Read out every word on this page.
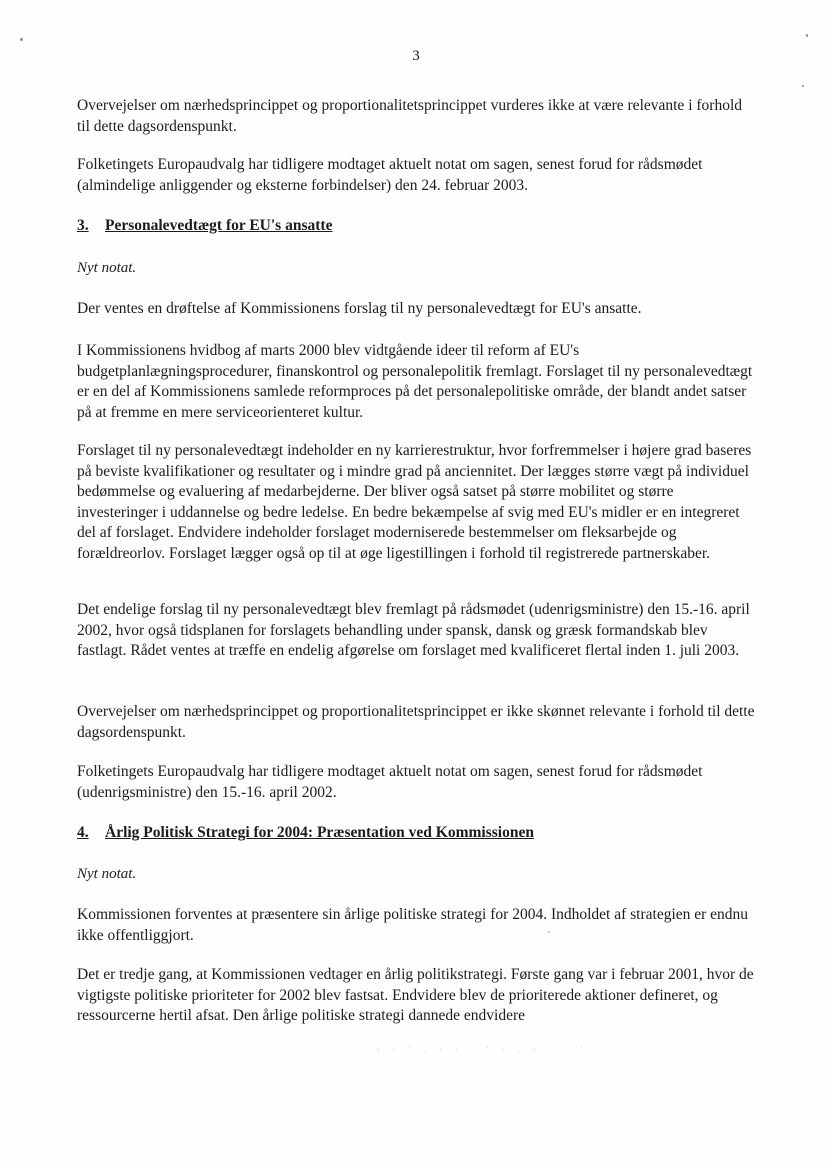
3

Overvejelser om nærhedsprincippet og proportionalitetsprincippet vurderes ikke at være relevante i forhold til dette dagsordenspunkt.

Folketingets Europaudvalg har tidligere modtaget aktuelt notat om sagen, senest forud for rådsmødet (almindelige anliggender og eksterne forbindelser) den 24. februar 2003.

3. Personalevedtægt for EU's ansatte

Nyt notat.

Der ventes en drøftelse af Kommissionens forslag til ny personalevedtægt for EU's ansatte.

I Kommissionens hvidbog af marts 2000 blev vidtgående ideer til reform af EU's budgetplanlægningsprocedurer, finanskontrol og personalepolitik fremlagt. Forslaget til ny personalevedtægt er en del af Kommissionens samlede reformproces på det personalepolitiske område, der blandt andet satser på at fremme en mere serviceorienteret kultur.

Forslaget til ny personalevedtægt indeholder en ny karrierestruktur, hvor forfremmelser i højere grad baseres på beviste kvalifikationer og resultater og i mindre grad på anciennitet. Der lægges større vægt på individuel bedømmelse og evaluering af medarbejderne. Der bliver også satset på større mobilitet og større investeringer i uddannelse og bedre ledelse. En bedre bekæmpelse af svig med EU's midler er en integreret del af forslaget. Endvidere indeholder forslaget moderniserede bestemmelser om fleksarbejde og forældreorlov. Forslaget lægger også op til at øge ligestillingen i forhold til registrerede partnerskaber.

Det endelige forslag til ny personalevedtægt blev fremlagt på rådsmødet (udenrigsministre) den 15.-16. april 2002, hvor også tidsplanen for forslagets behandling under spansk, dansk og græsk formandskab blev fastlagt. Rådet ventes at træffe en endelig afgørelse om forslaget med kvalificeret flertal inden 1. juli 2003.

Overvejelser om nærhedsprincippet og proportionalitetsprincippet er ikke skønnet relevante i forhold til dette dagsordenspunkt.

Folketingets Europaudvalg har tidligere modtaget aktuelt notat om sagen, senest forud for rådsmødet (udenrigsministre) den 15.-16. april 2002.

4. Årlig Politisk Strategi for 2004: Præsentation ved Kommissionen

Nyt notat.

Kommissionen forventes at præsentere sin årlige politiske strategi for 2004. Indholdet af strategien er endnu ikke offentliggjort.

Det er tredje gang, at Kommissionen vedtager en årlig politikstrategi. Første gang var i februar 2001, hvor de vigtigste politiske prioriteter for 2002 blev fastsat. Endvidere blev de prioriterede aktioner defineret, og ressourcerne hertil afsat. Den årlige politiske strategi dannede endvidere

. : · ' . · : . ' · . : · . ' .
